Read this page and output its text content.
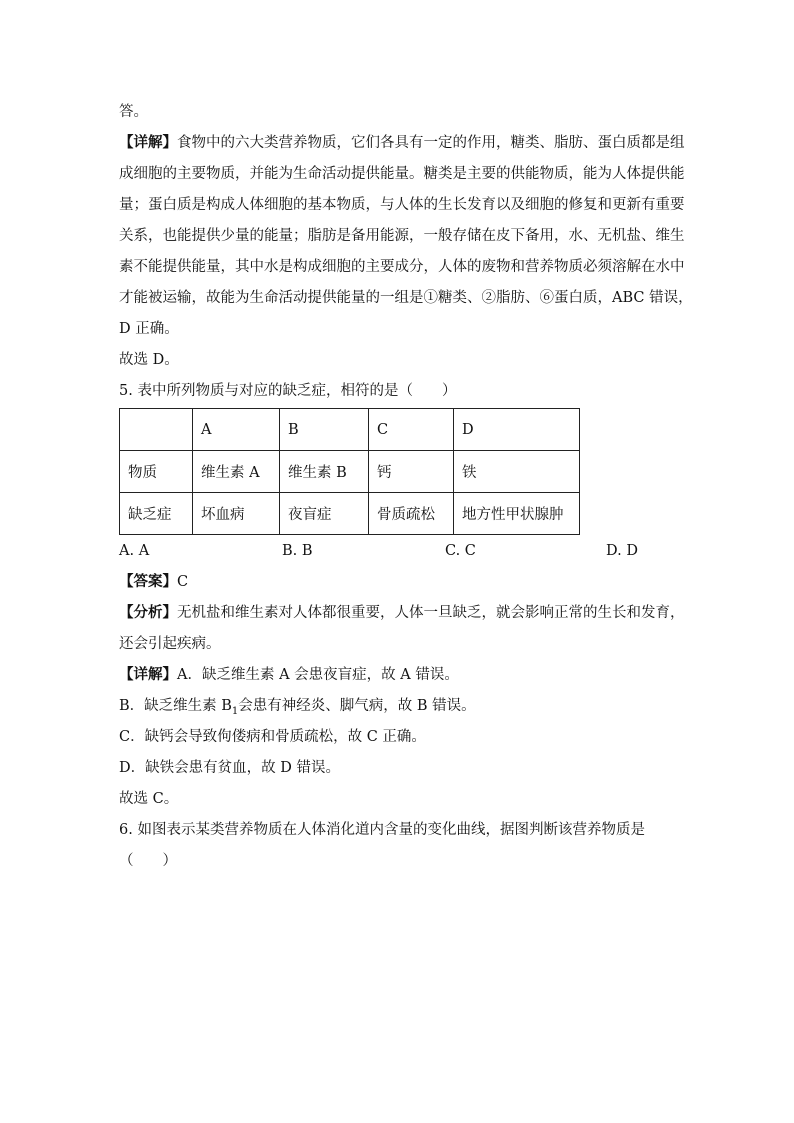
答。
【详解】食物中的六大类营养物质，它们各具有一定的作用，糖类、脂肪、蛋白质都是组
成细胞的主要物质，并能为生命活动提供能量。糖类是主要的供能物质，能为人体提供能
量；蛋白质是构成人体细胞的基本物质，与人体的生长发育以及细胞的修复和更新有重要
关系，也能提供少量的能量；脂肪是备用能源，一般存储在皮下备用，水、无机盐、维生
素不能提供能量，其中水是构成细胞的主要成分，人体的废物和营养物质必须溶解在水中
才能被运输，故能为生命活动提供能量的一组是①糖类、②脂肪、⑥蛋白质，ABC 错误，
D 正确。
故选 D。
5. 表中所列物质与对应的缺乏症，相符的是（　　）
	A	B	C	D
物质	维生素 A	维生素 B	钙	铁
缺乏症	坏血病	夜盲症	骨质疏松	地方性甲状腺肿
A. A	B. B	C. C	D. D
【答案】C
【分析】无机盐和维生素对人体都很重要，人体一旦缺乏，就会影响正常的生长和发育，
还会引起疾病。
【详解】A．缺乏维生素 A 会患夜盲症，故 A 错误。
B．缺乏维生素 $B_1$会患有神经炎、脚气病，故 B 错误。
C．缺钙会导致佝偻病和骨质疏松，故 C 正确。
D．缺铁会患有贫血，故 D 错误。
故选 C。
6. 如图表示某类营养物质在人体消化道内含量的变化曲线，据图判断该营养物质是
（　　）
